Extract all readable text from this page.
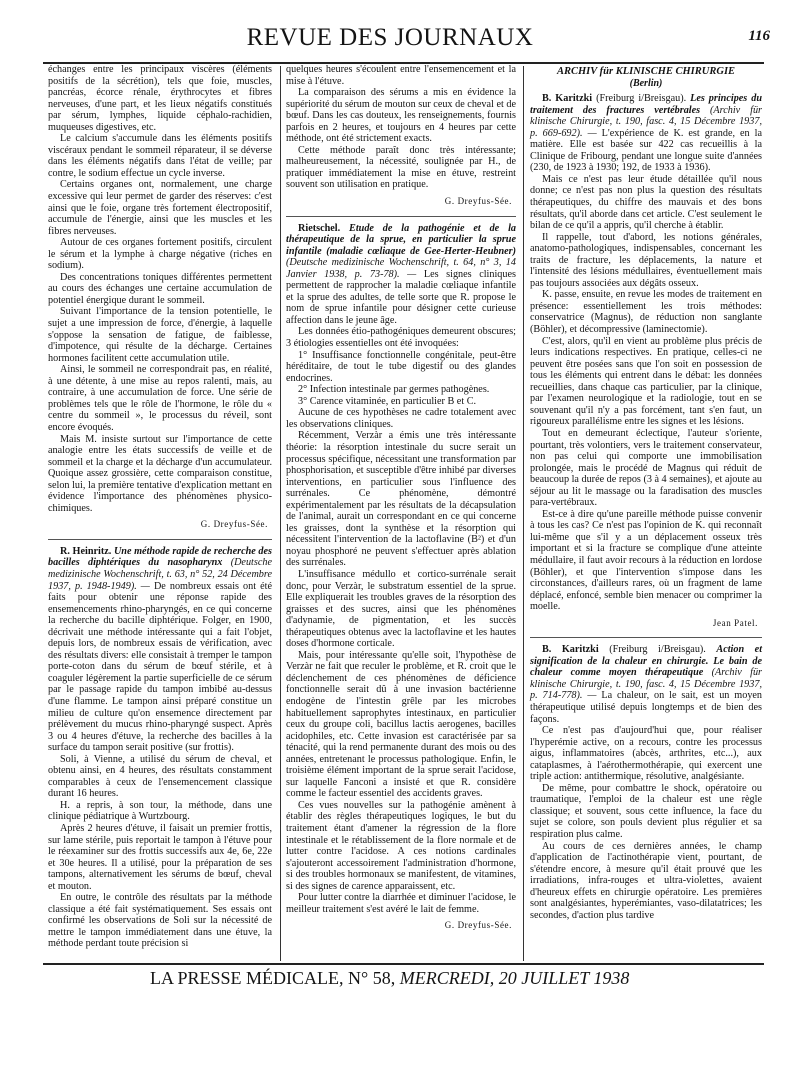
REVUE DES JOURNAUX	116

échanges entre les principaux viscères (éléments positifs de la sécrétion), tels que foie, muscles, pancréas, écorce rénale, érythrocytes et fibres nerveuses, d'une part, et les lieux négatifs constitués par sérum, lymphes, liquide céphalo-rachidien, muqueuses digestives, etc.

Le calcium s'accumule dans les éléments positifs viscéraux pendant le sommeil réparateur, il se déverse dans les éléments négatifs dans l'état de veille; par contre, le sodium effectue un cycle inverse.

Certains organes ont, normalement, une charge excessive qui leur permet de garder des réserves: c'est ainsi que le foie, organe très fortement électropositif, accumule de l'énergie, ainsi que les muscles et les fibres nerveuses.

Autour de ces organes fortement positifs, circulent le sérum et la lymphe à charge négative (riches en sodium).

Des concentrations toniques différentes permettent au cours des échanges une certaine accumulation de potentiel énergique durant le sommeil.

Suivant l'importance de la tension potentielle, le sujet a une impression de force, d'énergie, à laquelle s'oppose la sensation de fatigue, de faiblesse, d'impotence, qui résulte de la décharge. Certaines hormones facilitent cette accumulation utile.

Ainsi, le sommeil ne correspondrait pas, en réalité, à une détente, à une mise au repos ralenti, mais, au contraire, à une accumulation de force. Une série de problèmes tels que le rôle de l'hormone, le rôle du « centre du sommeil », le processus du réveil, sont encore évoqués.

Mais M. insiste surtout sur l'importance de cette analogie entre les états successifs de veille et de sommeil et la charge et la décharge d'un accumulateur. Quoique assez grossière, cette comparaison constitue, selon lui, la première tentative d'explication mettant en évidence l'importance des phénomènes physico-chimiques.

G. Dreyfus-Sée.

R. Heinritz. Une méthode rapide de recherche des bacilles diphtériques du nasopharynx (Deutsche medizinische Wochenschrift, t. 63, n° 52, 24 Décembre 1937, p. 1948-1949). — De nombreux essais ont été faits pour obtenir une réponse rapide des ensemencements rhino-pharyngés, en ce qui concerne la recherche du bacille diphtérique. Folger, en 1900, décrivait une méthode intéressante qui a fait l'objet, depuis lors, de nombreux essais de vérification, avec des résultats divers: elle consistait à tremper le tampon porte-coton dans du sérum de bœuf stérile, et à coaguler légèrement la partie superficielle de ce sérum par le passage rapide du tampon imbibé au-dessus d'une flamme. Le tampon ainsi préparé constitue un milieu de culture qu'on ensemence directement par prélèvement du mucus rhino-pharyngé suspect. Après 3 ou 4 heures d'étuve, la recherche des bacilles à la surface du tampon serait positive (sur frottis).

Soli, à Vienne, a utilisé du sérum de cheval, et obtenu ainsi, en 4 heures, des résultats constamment comparables à ceux de l'ensemencement classique durant 16 heures.

H. a repris, à son tour, la méthode, dans une clinique pédiatrique à Wurtzbourg.

Après 2 heures d'étuve, il faisait un premier frottis, sur lame stérile, puis reportait le tampon à l'étuve pour le réexaminer sur des frottis successifs aux 4e, 6e, 22e et 30e heures. Il a utilisé, pour la préparation de ses tampons, alternativement les sérums de bœuf, cheval et mouton.

En outre, le contrôle des résultats par la méthode classique a été fait systématiquement. Ses essais ont confirmé les observations de Soli sur la nécessité de mettre le tampon immédiatement dans une étuve, la méthode perdant toute précision si

quelques heures s'écoulent entre l'ensemencement et la mise à l'étuve.

La comparaison des sérums a mis en évidence la supériorité du sérum de mouton sur ceux de cheval et de bœuf. Dans les cas douteux, les renseignements, fournis parfois en 2 heures, et toujours en 4 heures par cette méthode, ont été strictement exacts.

Cette méthode paraît donc très intéressante; malheureusement, la nécessité, soulignée par H., de pratiquer immédiatement la mise en étuve, restreint souvent son utilisation en pratique.

G. Dreyfus-Sée.

Rietschel. Etude de la pathogénie et de la thérapeutique de la sprue, en particulier la sprue infantile (maladie cœliaque de Gee-Herter-Heubner) (Deutsche medizinische Wochenschrift, t. 64, n° 3, 14 Janvier 1938, p. 73-78). — Les signes cliniques permettent de rapprocher la maladie cœliaque infantile et la sprue des adultes, de telle sorte que R. propose le nom de sprue infantile pour désigner cette curieuse affection dans le jeune âge.

Les données étio-pathogéniques demeurent obscures; 3 étiologies essentielles ont été invoquées:

1° Insuffisance fonctionnelle congénitale, peut-être héréditaire, de tout le tube digestif ou des glandes endocrines.

2° Infection intestinale par germes pathogènes.

3° Carence vitaminée, en particulier B et C.

Aucune de ces hypothèses ne cadre totalement avec les observations cliniques.

Récemment, Verzàr a émis une très intéressante théorie: la résorption intestinale du sucre serait un processus spécifique, nécessitant une transformation par phosphorisation, et susceptible d'être inhibé par diverses interventions, en particulier sous l'influence des surrénales. Ce phénomène, démontré expérimentalement par les résultats de la décapsulation de l'animal, aurait un correspondant en ce qui concerne les graisses, dont la synthèse et la résorption qui nécessitent l'intervention de la lactoflavine (B²) et d'un noyau phosphoré ne peuvent s'effectuer après ablation des surrénales.

L'insuffisance médullo et cortico-surrénale serait donc, pour Verzàr, le substratum essentiel de la sprue. Elle expliquerait les troubles graves de la résorption des graisses et des sucres, ainsi que les phénomènes d'adynamie, de pigmentation, et les succès thérapeutiques obtenus avec la lactoflavine et les hautes doses d'hormone corticale.

Mais, pour intéressante qu'elle soit, l'hypothèse de Verzàr ne fait que reculer le problème, et R. croit que le déclenchement de ces phénomènes de déficience fonctionnelle serait dû à une invasion bactérienne endogène de l'intestin grêle par les microbes habituellement saprophytes intestinaux, en particulier ceux du groupe coli, bacillus lactis aerogenes, bacilles acidophiles, etc. Cette invasion est caractérisée par sa ténacité, qui la rend permanente durant des mois ou des années, entretenant le processus pathologique. Enfin, le troisième élément important de la sprue serait l'acidose, sur laquelle Fanconi a insisté et que R. considère comme le facteur essentiel des accidents graves.

Ces vues nouvelles sur la pathogénie amènent à établir des règles thérapeutiques logiques, le but du traitement étant d'amener la régression de la flore intestinale et le rétablissement de la flore normale et de lutter contre l'acidose. A ces notions cardinales s'ajouteront accessoirement l'administration d'hormone, si des troubles hormonaux se manifestent, de vitamines, si des signes de carence apparaissent, etc.

Pour lutter contre la diarrhée et diminuer l'acidose, le meilleur traitement s'est avéré le lait de femme.

G. Dreyfus-Sée.
ARCHIV für KLINISCHE CHIRURGIE
(Berlin)

B. Karitzki (Freiburg i/Breisgau). Les principes du traitement des fractures vertébrales (Archiv für klinische Chirurgie, t. 190, fasc. 4, 15 Décembre 1937, p. 669-692). — L'expérience de K. est grande, en la matière. Elle est basée sur 422 cas recueillis à la Clinique de Fribourg, pendant une longue suite d'années (230, de 1923 à 1930; 192, de 1933 à 1936).

Mais ce n'est pas leur étude détaillée qu'il nous donne; ce n'est pas non plus la question des résultats thérapeutiques, du chiffre des mauvais et des bons résultats, qu'il aborde dans cet article. C'est seulement le bilan de ce qu'il a appris, qu'il cherche à établir.

Il rappelle, tout d'abord, les notions générales, anatomo-pathologiques, indispensables, concernant les traits de fracture, les déplacements, la nature et l'intensité des lésions médullaires, éventuellement mais pas toujours associées aux dégâts osseux.

K. passe, ensuite, en revue les modes de traitement en présence: essentiellement les trois méthodes: conservatrice (Magnus), de réduction non sanglante (Böhler), et décompressive (laminectomie).

C'est, alors, qu'il en vient au problème plus précis de leurs indications respectives. En pratique, celles-ci ne peuvent être posées sans que l'on soit en possession de tous les éléments qui entrent dans le débat: les données recueillies, dans chaque cas particulier, par la clinique, par l'examen neurologique et la radiologie, tout en se souvenant qu'il n'y a pas forcément, tant s'en faut, un rigoureux parallélisme entre les signes et les lésions.

Tout en demeurant éclectique, l'auteur s'oriente, pourtant, très volontiers, vers le traitement conservateur, non pas celui qui comporte une immobilisation prolongée, mais le procédé de Magnus qui réduit de beaucoup la durée de repos (3 à 4 semaines), et ajoute au séjour au lit le massage ou la faradisation des muscles para-vertébraux.

Est-ce à dire qu'une pareille méthode puisse convenir à tous les cas? Ce n'est pas l'opinion de K. qui reconnaît lui-même que s'il y a un déplacement osseux très important et si la fracture se complique d'une atteinte médullaire, il faut avoir recours à la réduction en lordose (Böhler), et que l'intervention s'impose dans les circonstances, d'ailleurs rares, où un fragment de lame déplacé, enfoncé, semble bien menacer ou comprimer la moelle.

Jean Patel.

B. Karitzki (Freiburg i/Breisgau). Action et signification de la chaleur en chirurgie. Le bain de chaleur comme moyen thérapeutique (Archiv für klinische Chirurgie, t. 190, fasc. 4, 15 Décembre 1937, p. 714-778). — La chaleur, on le sait, est un moyen thérapeutique utilisé depuis longtemps et de bien des façons.

Ce n'est pas d'aujourd'hui que, pour réaliser l'hyperémie active, on a recours, contre les processus aigus, inflammatoires (abcès, arthrites, etc...), aux cataplasmes, à l'aérothermothérapie, qui exercent une triple action: antithermique, résolutive, analgésiante.

De même, pour combattre le shock, opératoire ou traumatique, l'emploi de la chaleur est une règle classique; et souvent, sous cette influence, la face du sujet se colore, son pouls devient plus régulier et sa respiration plus calme.

Au cours de ces dernières années, le champ d'application de l'actinothérapie vient, pourtant, de s'étendre encore, à mesure qu'il était prouvé que les irradiations, infra-rouges et ultra-violettes, avaient d'heureux effets en chirurgie opératoire. Les premières sont analgésiantes, hyperémiantes, vaso-dilatatrices; les secondes, d'action plus tardive

LA PRESSE MÉDICALE, N° 58, MERCREDI, 20 JUILLET 1938
